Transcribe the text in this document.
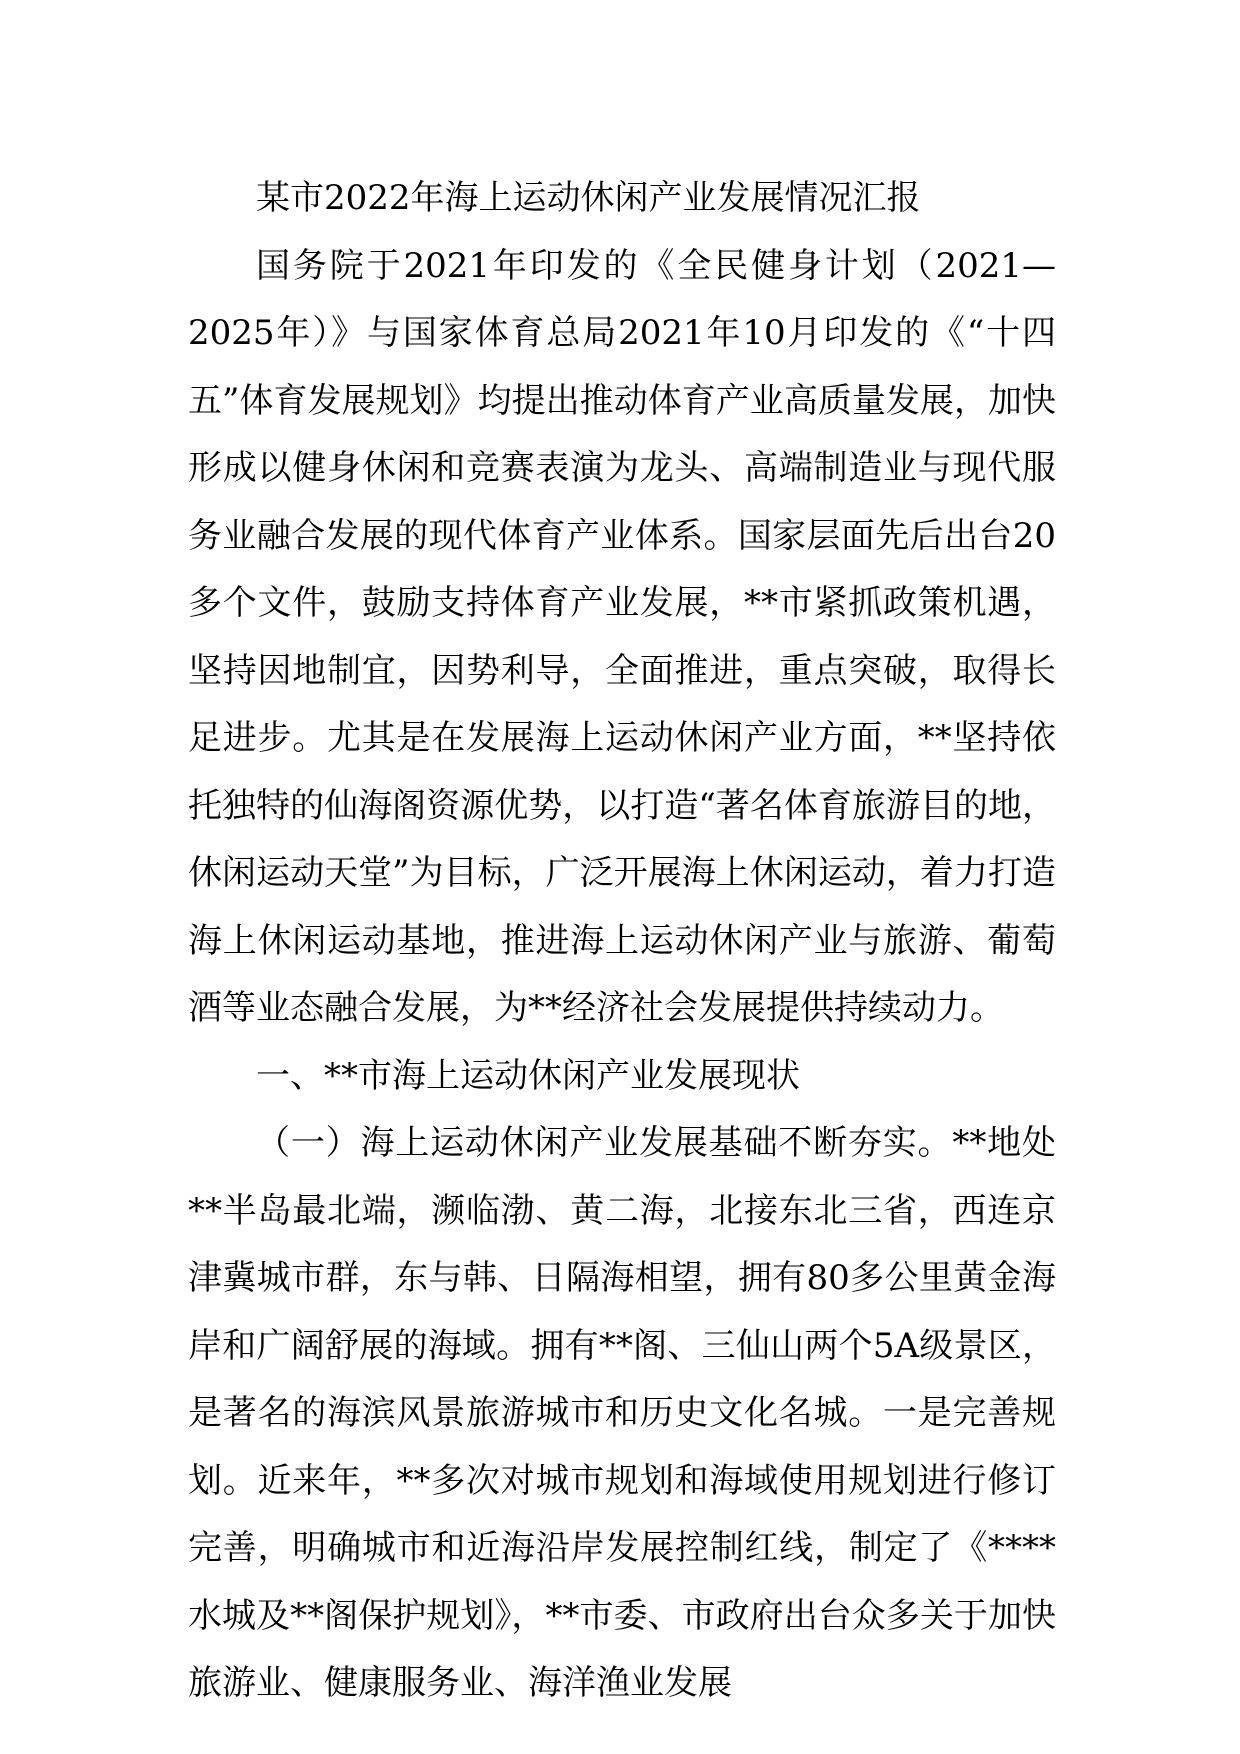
某市2022年海上运动休闲产业发展情况汇报

国务院于2021年印发的《全民健身计划（2021—2025年）》与国家体育总局2021年10月印发的《“十四五”体育发展规划》均提出推动体育产业高质量发展，加快形成以健身休闲和竞赛表演为龙头、高端制造业与现代服务业融合发展的现代体育产业体系。国家层面先后出台20多个文件，鼓励支持体育产业发展，**市紧抓政策机遇，坚持因地制宜，因势利导，全面推进，重点突破，取得长足进步。尤其是在发展海上运动休闲产业方面，**坚持依托独特的仙海阁资源优势，以打造“著名体育旅游目的地，休闲运动天堂”为目标，广泛开展海上休闲运动，着力打造海上休闲运动基地，推进海上运动休闲产业与旅游、葡萄酒等业态融合发展，为**经济社会发展提供持续动力。

一、**市海上运动休闲产业发展现状

（一）海上运动休闲产业发展基础不断夯实。**地处**半岛最北端，濒临渤、黄二海，北接东北三省，西连京津冀城市群，东与韩、日隔海相望，拥有80多公里黄金海岸和广阔舒展的海域。拥有**阁、三仙山两个5A级景区，是著名的海滨风景旅游城市和历史文化名城。一是完善规划。近来年，**多次对城市规划和海域使用规划进行修订完善，明确城市和近海沿岸发展控制红线，制定了《****水城及**阁保护规划》，**市委、市政府出台众多关于加快旅游业、健康服务业、海洋渔业发展
